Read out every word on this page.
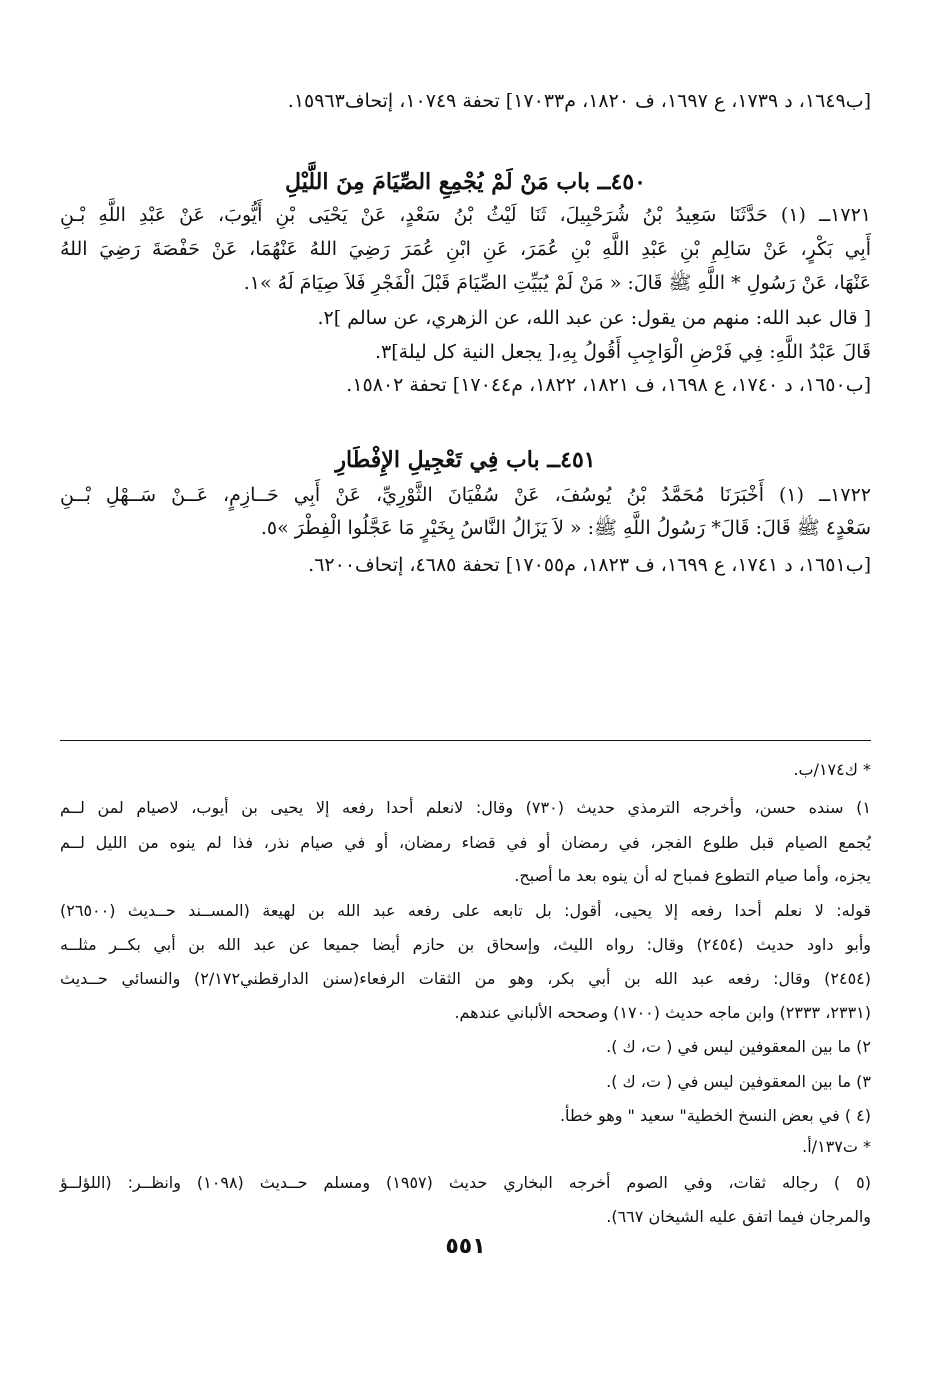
[ب١٦٤٩، د ١٧٣٩، ع ١٦٩٧، ف ١٨٢٠، م٣‏١٧٠٣] تحفة ١٠٧٤٩، إتحاف١٥٩٦٣.
٤٥٠ــ باب مَنْ لَمْ يُجْمِعِ الصِّيَامَ مِنَ اللَّيْلِ
١٧٢١ــ (١) حَدَّثَنَا سَعِيدُ بْنُ شُرَحْبِيلَ، ثَنَا لَيْثُ بْنُ سَعْدٍ، عَنْ يَحْيَى بْنِ أَيُّوبَ، عَنْ عَبْدِ اللَّهِ بْـنِ
أَبِي بَكْرٍ، عَنْ سَالِمِ بْنِ عَبْدِ اللَّهِ بْنِ عُمَرَ، عَنِ ابْنِ عُمَرَ رَضِيَ اللهُ عَنْهُمَا، عَنْ حَفْصَةَ رَضِيَ اللهُ
عَنْهَا، عَنْ رَسُولِ * اللَّهِ ﷺ قَالَ: « مَنْ لَمْ يُبَيِّتِ الصِّيَامَ قَبْلَ الْفَجْرِ فَلاَ صِيَامَ لَهُ »١.
[ قال عبد الله: منهم من يقول: عن عبد الله، عن الزهري، عن سالم ]٢.
قَالَ عَبْدُ اللَّهِ: فِي فَرْضِ الْوَاجِبِ أَقُولُ بِهِ،[ يجعل النية كل ليلة]٣.
[ب١٦٥٠، د ١٧٤٠، ع ١٦٩٨، ف ١٨٢١، ١٨٢٢، م٤‏١٧٠٤] تحفة ١٥٨٠٢.
٤٥١ــ باب فِي تَعْجِيلِ الإِفْطَارِ
١٧٢٢ــ (١) أَخْبَرَنَا مُحَمَّدُ بْنُ يُوسُفَ، عَنْ سُفْيَانَ الثَّوْرِيِّ، عَنْ أَبِي حَــازِمٍ، عَــنْ سَــهْلِ بْــنِ
سَعْدٍ٤ ﷺ قَالَ: قَالَ* رَسُولُ اللَّهِ ﷺ: « لاَ يَزَالُ النَّاسُ بِخَيْرٍ مَا عَجَّلُوا الْفِطْرَ »٥.
[ب١٦٥١، د ١٧٤١، ع ١٦٩٩، ف ١٨٢٣، م٥‏١٧٠٥] تحفة ٤٦٨٥، إتحاف٦٢٠٠.
* ك١٧٤/ب.
١) سنده حسن، وأخرجه الترمذي حديث (٧٣٠) وقال: لانعلم أحدا رفعه إلا يحيى بن أيوب، لاصيام لمن لــم
يُجمع الصيام قبل طلوع الفجر، في رمضان أو في قضاء رمضان، أو في صيام نذر، فذا لم ينوه من الليل لــم
يجزه، وأما صيام التطوع فمباح له أن ينوه بعد ما أصبح.
قوله: لا نعلم أحدا رفعه إلا يحيى، أقول: بل تابعه على رفعه عبد الله بن لهيعة (المســند حــديث (٢٦٥٠٠)
وأبو داود حديث (٢٤٥٤) وقال: رواه الليث، وإسحاق بن حازم أيضا جميعا عن عبد الله بن أبي بكــر مثلــه
(٢٤٥٤) وقال: رفعه عبد الله بن أبي بكر، وهو من الثقات الرفعاء(سنن الدارقطني٢/١٧٢) والنسائي حــديث
(٢٣٣١، ٢٣٣٣) وابن ماجه حديث (١٧٠٠) وصححه الألباني عندهم.
٢) ما بين المعقوفين ليس في ( ت، ك ).
٣) ما بين المعقوفين ليس في ( ت، ك ).
(٤ ) في بعض النسخ الخطية" سعيد " وهو خطأ.
* ت١٣٧/أ.
(٥ ) رجاله ثقات، وفي الصوم أخرجه البخاري حديث (١٩٥٧) ومسلم حــديث (١٠٩٨) وانظــر: (اللؤلــؤ
والمرجان فيما اتفق عليه الشيخان ٦٦٧).
٥٥١
